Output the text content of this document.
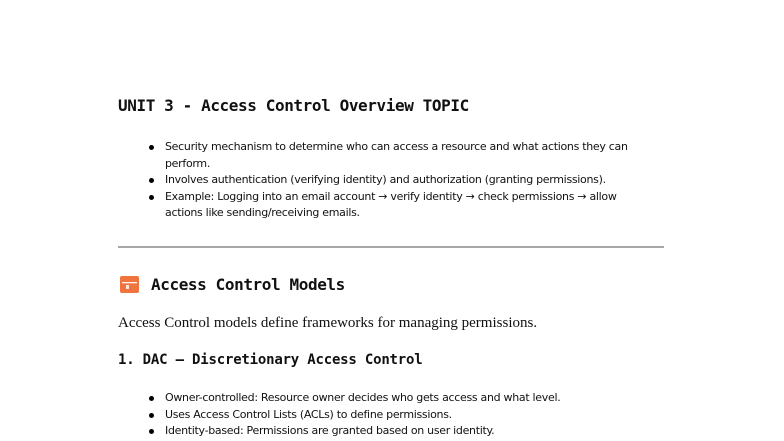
UNIT 3 - Access Control Overview TOPIC
Security mechanism to determine who can access a resource and what actions they can perform.
Involves authentication (verifying identity) and authorization (granting permissions).
Example: Logging into an email account → verify identity → check permissions → allow actions like sending/receiving emails.
Access Control Models

Access Control models define frameworks for managing permissions.

1. DAC – Discretionary Access Control
Owner-controlled: Resource owner decides who gets access and what level.
Uses Access Control Lists (ACLs) to define permissions.
Identity-based: Permissions are granted based on user identity.
